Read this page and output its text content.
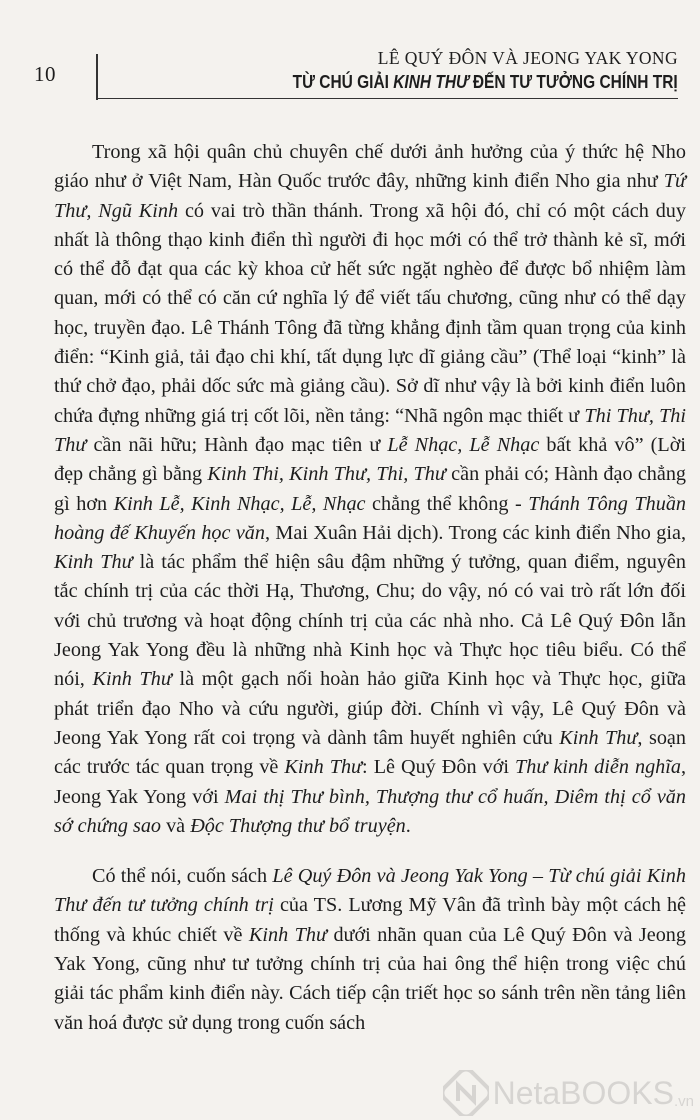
10
LÊ QUÝ ĐÔN VÀ JEONG YAK YONG
TỪ CHÚ GIẢI KINH THƯ ĐẾN TƯ TƯỞNG CHÍNH TRỊ

Trong xã hội quân chủ chuyên chế dưới ảnh hưởng của ý thức hệ Nho giáo như ở Việt Nam, Hàn Quốc trước đây, những kinh điển Nho gia như Tứ Thư, Ngũ Kinh có vai trò thần thánh. Trong xã hội đó, chỉ có một cách duy nhất là thông thạo kinh điển thì người đi học mới có thể trở thành kẻ sĩ, mới có thể đỗ đạt qua các kỳ khoa cử hết sức ngặt nghèo để được bổ nhiệm làm quan, mới có thể có căn cứ nghĩa lý để viết tấu chương, cũng như có thể dạy học, truyền đạo. Lê Thánh Tông đã từng khẳng định tầm quan trọng của kinh điển: “Kinh giả, tải đạo chi khí, tất dụng lực dĩ giảng cầu” (Thể loại “kinh” là thứ chở đạo, phải dốc sức mà giảng cầu). Sở dĩ như vậy là bởi kinh điển luôn chứa đựng những giá trị cốt lõi, nền tảng: “Nhã ngôn mạc thiết ư Thi Thư, Thi Thư cần nãi hữu; Hành đạo mạc tiên ư Lễ Nhạc, Lễ Nhạc bất khả vô” (Lời đẹp chẳng gì bằng Kinh Thi, Kinh Thư, Thi, Thư cần phải có; Hành đạo chẳng gì hơn Kinh Lễ, Kinh Nhạc, Lễ, Nhạc chẳng thể không - Thánh Tông Thuần hoàng đế Khuyến học văn, Mai Xuân Hải dịch). Trong các kinh điển Nho gia, Kinh Thư là tác phẩm thể hiện sâu đậm những ý tưởng, quan điểm, nguyên tắc chính trị của các thời Hạ, Thương, Chu; do vậy, nó có vai trò rất lớn đối với chủ trương và hoạt động chính trị của các nhà nho. Cả Lê Quý Đôn lẫn Jeong Yak Yong đều là những nhà Kinh học và Thực học tiêu biểu. Có thể nói, Kinh Thư là một gạch nối hoàn hảo giữa Kinh học và Thực học, giữa phát triển đạo Nho và cứu người, giúp đời. Chính vì vậy, Lê Quý Đôn và Jeong Yak Yong rất coi trọng và dành tâm huyết nghiên cứu Kinh Thư, soạn các trước tác quan trọng về Kinh Thư: Lê Quý Đôn với Thư kinh diễn nghĩa, Jeong Yak Yong với Mai thị Thư bình, Thượng thư cổ huấn, Diêm thị cổ văn sớ chứng sao và Độc Thượng thư bổ truyện.

Có thể nói, cuốn sách Lê Quý Đôn và Jeong Yak Yong – Từ chú giải Kinh Thư đến tư tưởng chính trị của TS. Lương Mỹ Vân đã trình bày một cách hệ thống và khúc chiết về Kinh Thư dưới nhãn quan của Lê Quý Đôn và Jeong Yak Yong, cũng như tư tưởng chính trị của hai ông thể hiện trong việc chú giải tác phẩm kinh điển này. Cách tiếp cận triết học so sánh trên nền tảng liên văn hoá được sử dụng trong cuốn sách

NetaBOOKS .vn
